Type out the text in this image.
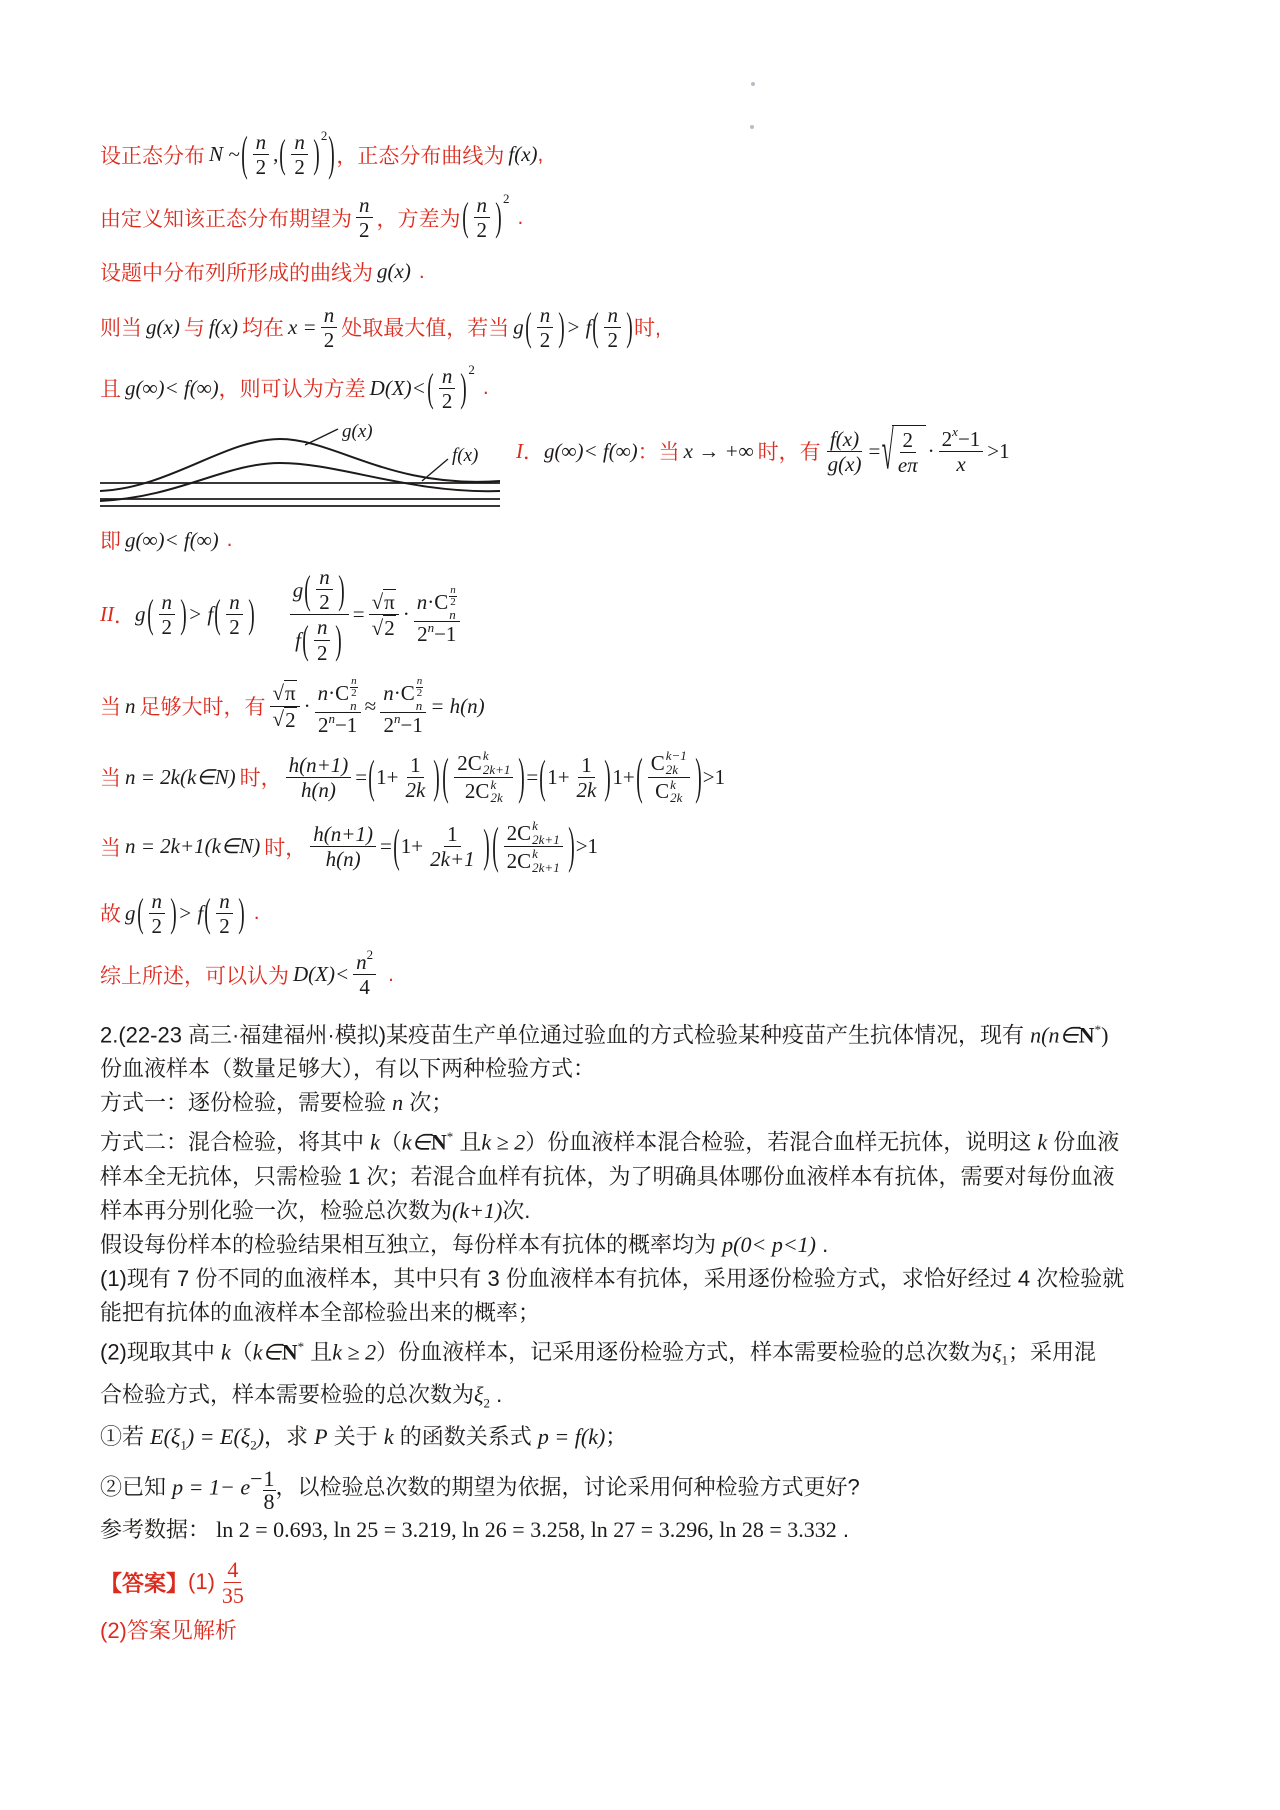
设正态分布 N ~ ( $\frac{n}{2}$ , ( $\frac{n}{2}$ ) 2 ) ，正态分布曲线为 f(x) ,
由定义知该正态分布期望为 $\frac{n}{2}$ ，方差为 ( $\frac{n}{2}$ ) 2
.
设题中分布列所形成的曲线为 g(x) .
则当 g(x) 与 f(x) 均在 $x = \frac{n}{2}$ 处取最大值，若当 g ( $\frac{n}{2}$ ) > f ( $\frac{n}{2}$ ) 时,
且 g(∞)< f(∞) ，则可认为方差 D(X)< ( $\frac{n}{2}$ ) 2
.
g(x)
f(x) I ． g(∞)< f(∞) ： 当 x → +∞ 时，有 $\frac{f(x)}{g(x)}$ = √ $\frac{2}{e\pi} \cdot \frac{2 x -1}{x} >1$
即 g(∞)< f(∞) .
II ． g ( $\frac{n}{2}$ ) > f ( $\frac{n}{2}$ ) $\frac{g ( \frac{n}{2} )}{f ( \frac{n}{2} )} = \frac{√ \pi}{√ 2} \cdot n \cdot C \frac{n}{2}$
n
2 n −1
当 n 足够大时，有 $\frac{√ \pi}{√ 2} \cdot n \cdot C \frac{n}{2}$
n
2 n −1 ≈ n · C $\frac{n}{2}$
n
2 n −1 = h(n)
当 n = 2k (k∈N) 时， $\frac{h(n+1)}{h(n)}$ = ( $1+ \frac{1}{2k}$ ) ( 2C k
2k+1
2C k
2k ) = ( $1+ \frac{1}{2k}$ ) 1+ ( C k−1
2k
C k
2k ) >1
当 n = 2k+1 (k∈N) 时， $\frac{h(n+1)}{h(n)}$ = ( $1+ \frac{1}{2k+1}$ ) ( 2C k
2k+1
2C k
2k+1 ) >1
故 g ( $\frac{n}{2}$ ) > f ( $\frac{n}{2}$ ) .
综上所述，可以认为 $D(X)< \frac{n 2}{4}$ .
2.(22-23 高三·福建福州·模拟)某疫苗生产单位通过验血的方式检验某种疫苗产生抗体情况，现有 n(n∈N*)
份血液样本（数量足够大），有以下两种检验方式：
方式一：逐份检验，需要检验 n 次；
方式二：混合检验，将其中 k（k∈N* 且k ≥ 2）份血液样本混合检验，若混合血样无抗体，说明这 k 份血液
样本全无抗体，只需检验 1 次；若混合血样有抗体，为了明确具体哪份血液样本有抗体，需要对每份血液
样本再分别化验一次，检验总次数为(k+1)次.
假设每份样本的检验结果相互独立，每份样本有抗体的概率均为 p(0< p<1) .
(1)现有 7 份不同的血液样本，其中只有 3 份血液样本有抗体，采用逐份检验方式，求恰好经过 4 次检验就
能把有抗体的血液样本全部检验出来的概率；
(2)现取其中 k（k∈N* 且k ≥ 2）份血液样本，记采用逐份检验方式，样本需要检验的总次数为$\xi_1$；采用混
合检验方式，样本需要检验的总次数为$\xi_2$ .
①若 $E(\xi_1) = E(\xi_2)$，求 P 关于 k 的函数关系式 p = f(k)；
②已知 $p = 1- e^- \frac{1}{8}$ ，以检验总次数的期望为依据，讨论采用何种检验方式更好?
参考数据： ln 2 = 0.693, ln 25 = 3.219, ln 26 = 3.258, ln 27 = 3.296, ln 28 = 3.332 .
【答案】 $(1) \frac{4}{35}$
(2)答案见解析
